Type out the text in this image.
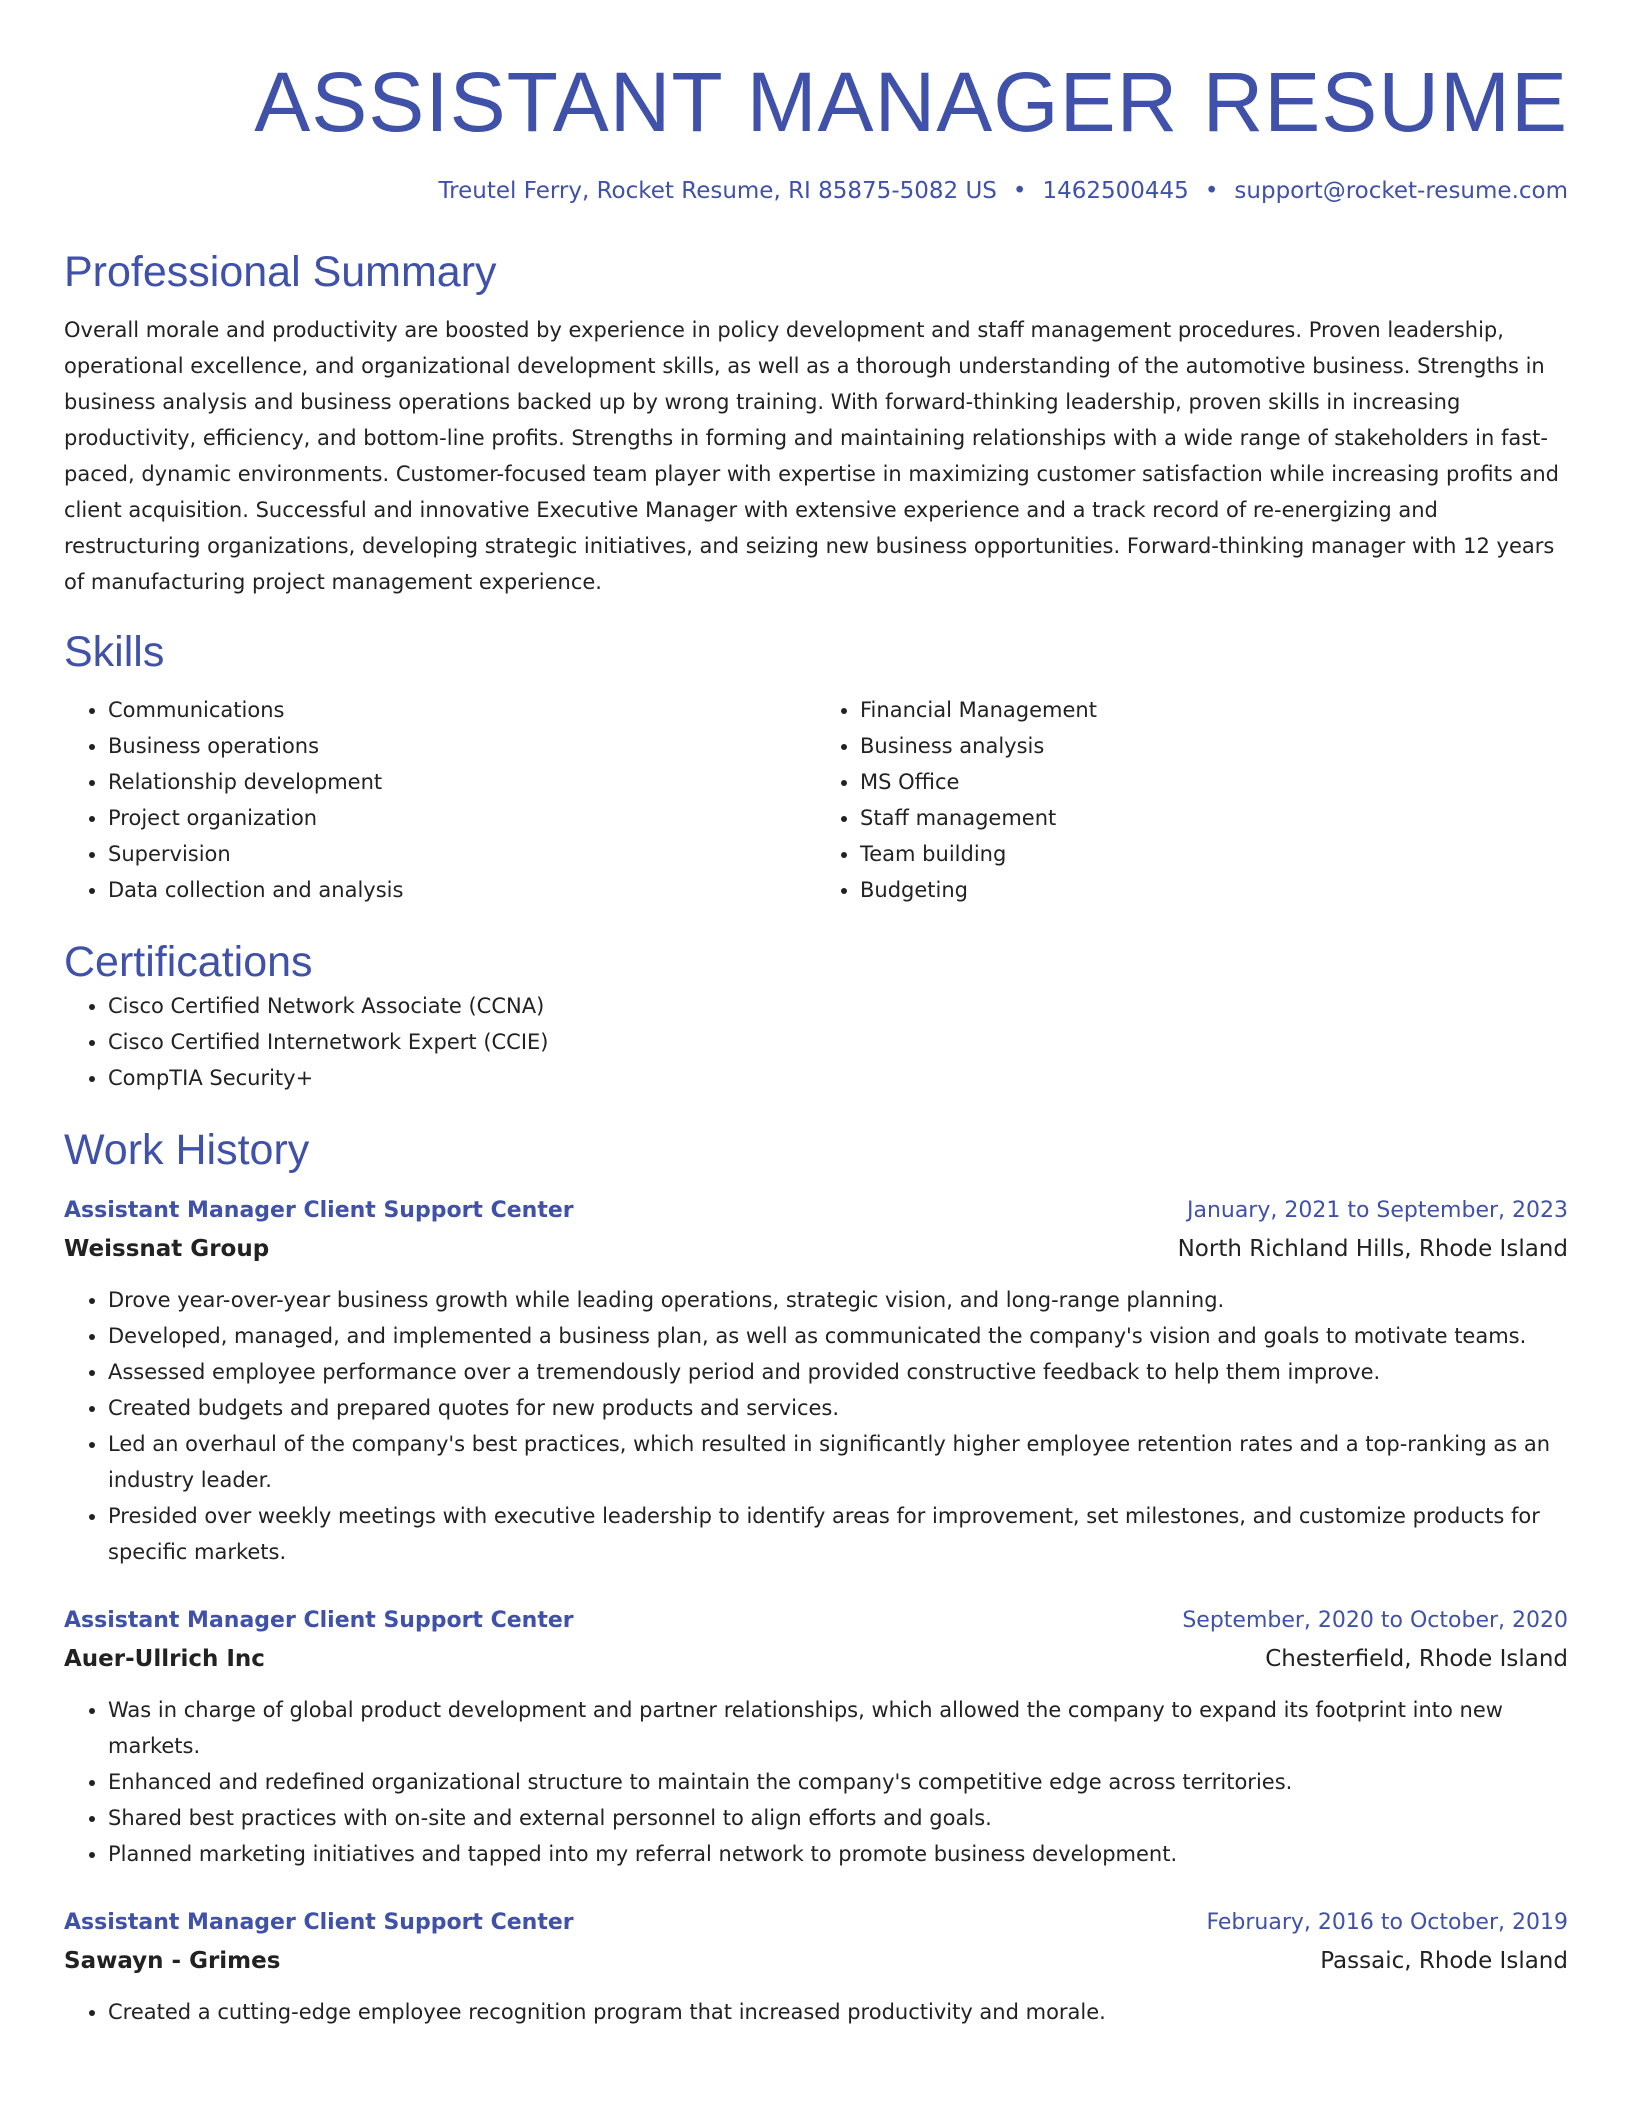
ASSISTANT MANAGER RESUME
Treutel Ferry, Rocket Resume, RI 85875-5082 US • 1462500445 • support@rocket-resume.com
Professional Summary

Overall morale and productivity are boosted by experience in policy development and staff management procedures. Proven leadership, operational excellence, and organizational development skills, as well as a thorough understanding of the automotive business. Strengths in business analysis and business operations backed up by wrong training. With forward-thinking leadership, proven skills in increasing productivity, efficiency, and bottom-line profits. Strengths in forming and maintaining relationships with a wide range of stakeholders in fast-paced, dynamic environments. Customer-focused team player with expertise in maximizing customer satisfaction while increasing profits and client acquisition. Successful and innovative Executive Manager with extensive experience and a track record of re-energizing and restructuring organizations, developing strategic initiatives, and seizing new business opportunities. Forward-thinking manager with 12 years of manufacturing project management experience.

Skills
• Communications
• Business operations
• Relationship development
• Project organization
• Supervision
• Data collection and analysis
• Financial Management
• Business analysis
• MS Office
• Staff management
• Team building
• Budgeting
Certifications
• Cisco Certified Network Associate (CCNA)
• Cisco Certified Internetwork Expert (CCIE)
• CompTIA Security+
Work History
Assistant Manager Client Support Center	January, 2021 to September, 2023
Weissnat Group	North Richland Hills, Rhode Island
• Drove year-over-year business growth while leading operations, strategic vision, and long-range planning.
• Developed, managed, and implemented a business plan, as well as communicated the company's vision and goals to motivate teams.
• Assessed employee performance over a tremendously period and provided constructive feedback to help them improve.
• Created budgets and prepared quotes for new products and services.
• Led an overhaul of the company's best practices, which resulted in significantly higher employee retention rates and a top-ranking as an industry leader.
• Presided over weekly meetings with executive leadership to identify areas for improvement, set milestones, and customize products for specific markets.
Assistant Manager Client Support Center	September, 2020 to October, 2020
Auer-Ullrich Inc	Chesterfield, Rhode Island
• Was in charge of global product development and partner relationships, which allowed the company to expand its footprint into new markets.
• Enhanced and redefined organizational structure to maintain the company's competitive edge across territories.
• Shared best practices with on-site and external personnel to align efforts and goals.
• Planned marketing initiatives and tapped into my referral network to promote business development.
Assistant Manager Client Support Center	February, 2016 to October, 2019
Sawayn - Grimes	Passaic, Rhode Island
• Created a cutting-edge employee recognition program that increased productivity and morale.
